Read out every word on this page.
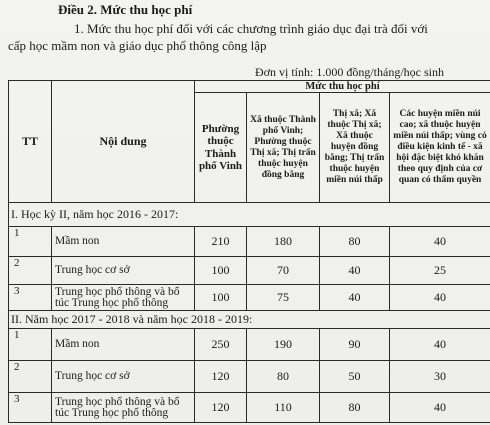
Điều 2. Mức thu học phí
1. Mức thu học phí đối với các chương trình giáo dục đại trà đối với
cấp học mầm non và giáo dục phổ thông công lập
Đơn vị tính: 1.000 đồng/tháng/học sinh
TT	Nội dung	Mức thu học phí			
		Phường thuộc Thành phố Vinh	Xã thuộc Thành phố Vinh; Phường thuộc Thị xã; Thị trấn thuộc huyện đồng bằng	Thị xã; Xã thuộc Thị xã; Xã thuộc huyện đồng bằng; Thị trấn thuộc huyện miền núi thấp	Các huyện miền núi cao; xã thuộc huyện miền núi thấp; vùng có điều kiện kinh tế - xã hội đặc biệt khó khăn theo quy định của cơ quan có thẩm quyền
I. Học kỳ II, năm học 2016 - 2017:					
1	Mầm non	210	180	80	40
2	Trung học cơ sở	100	70	40	25
3	Trung học phổ thông và bổ túc Trung học phổ thông	100	75	40	40
II. Năm học 2017 - 2018 và năm học 2018 - 2019:					
1	Mầm non	250	190	90	40
2	Trung học cơ sở	120	80	50	30
3	Trung học phổ thông và bổ túc Trung học phổ thông	120	110	80	40
